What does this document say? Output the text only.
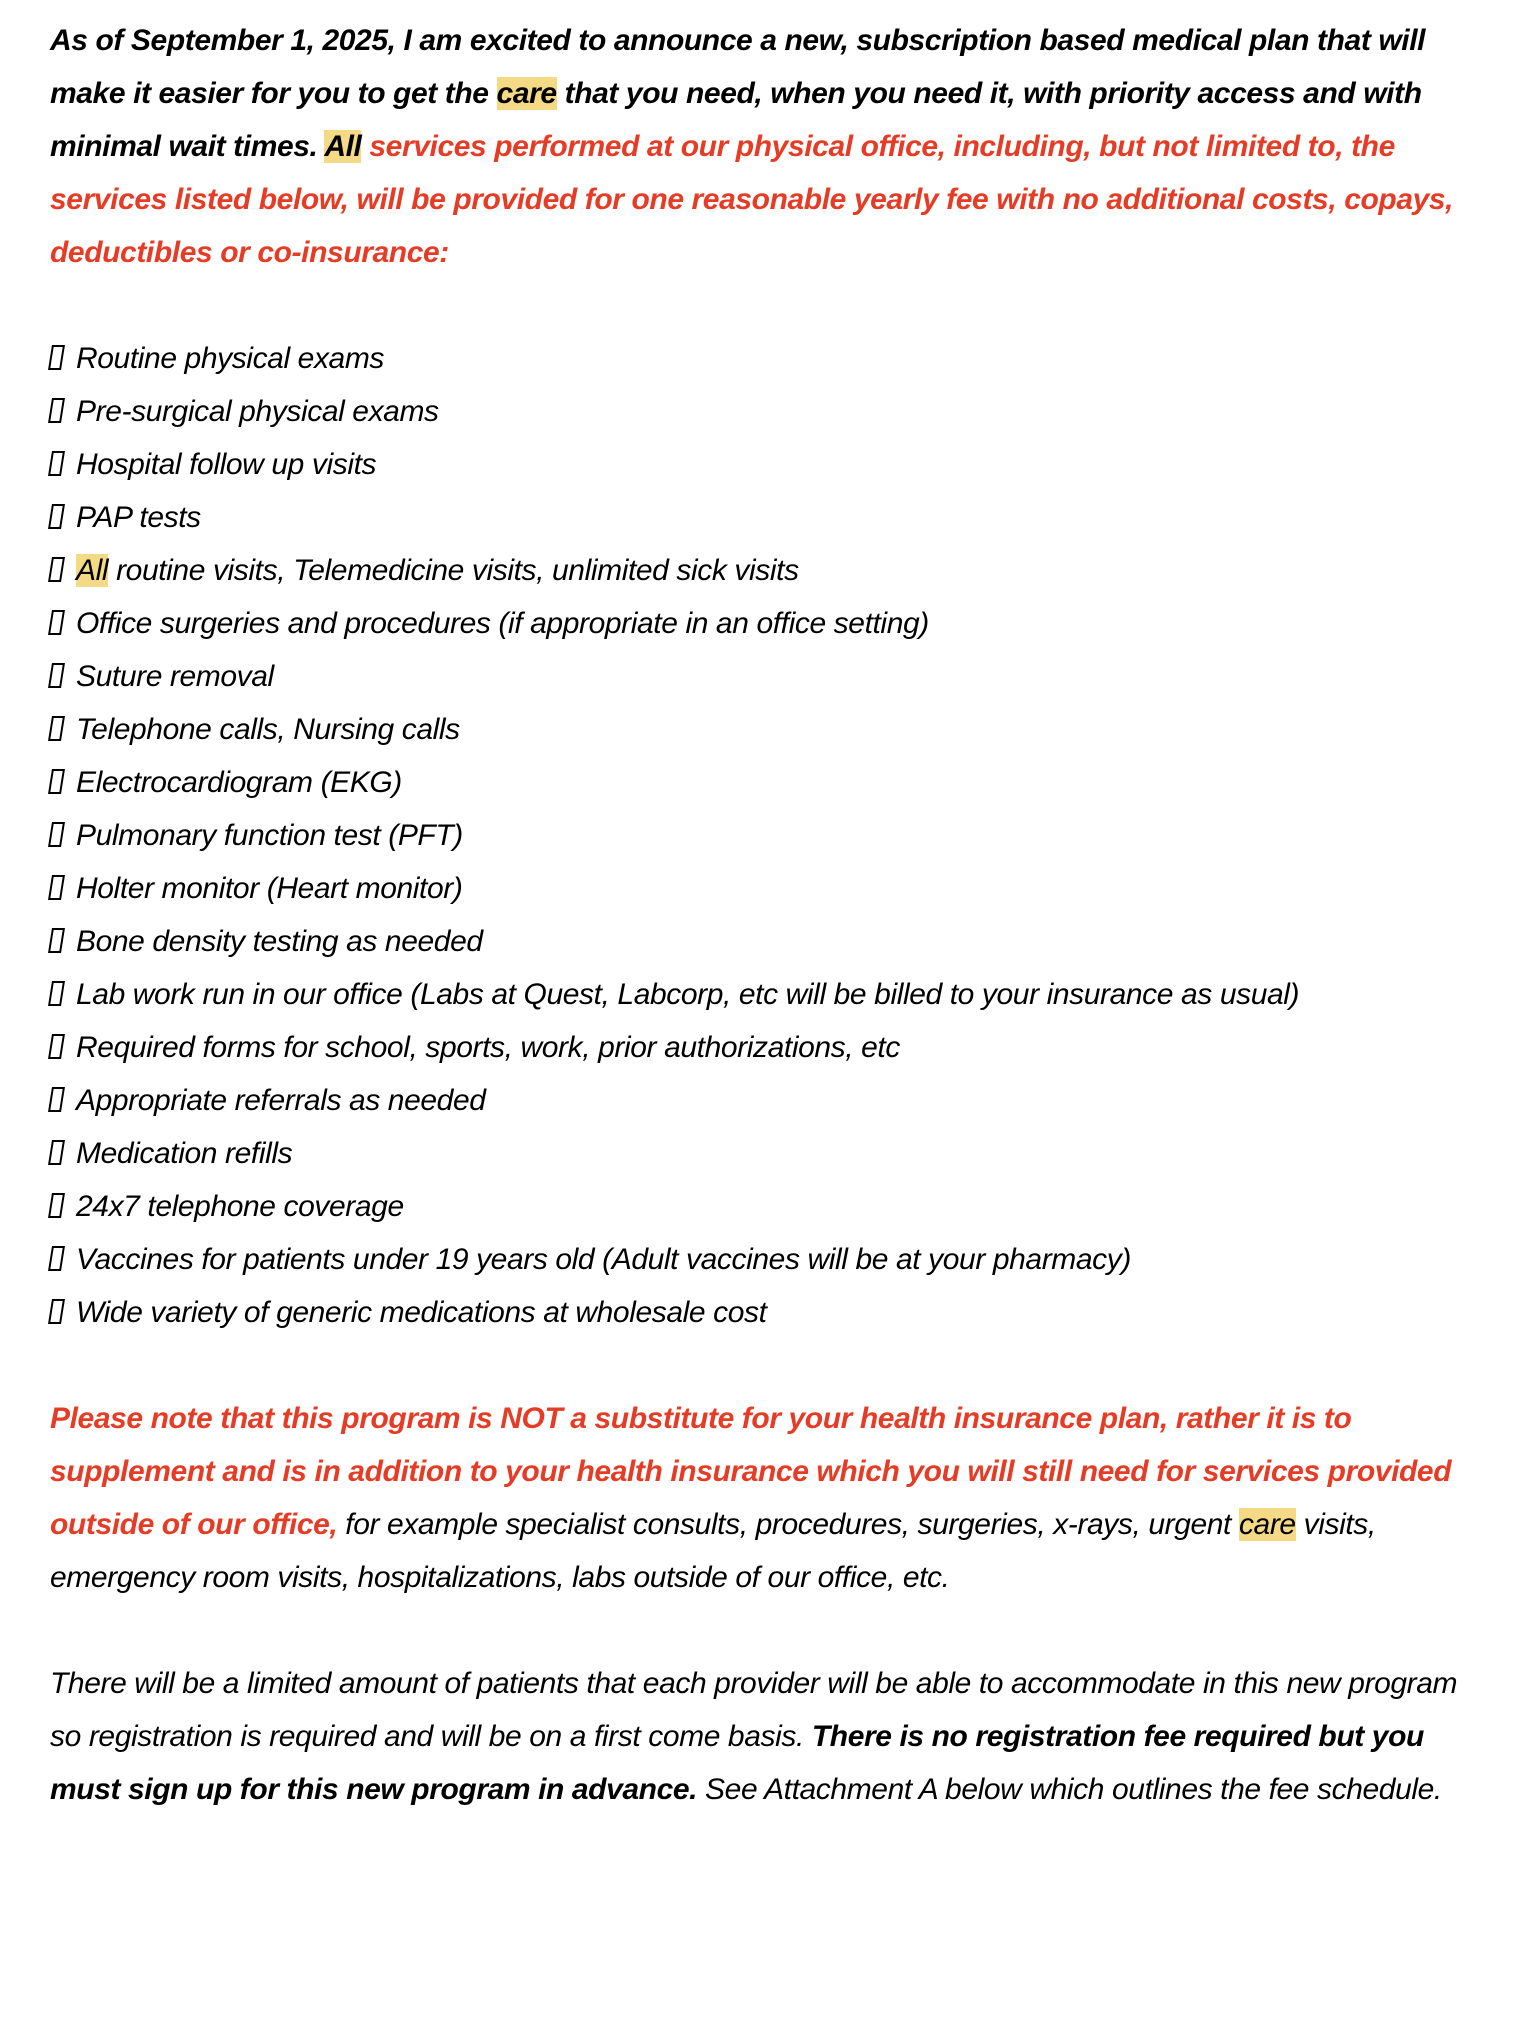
As of September 1, 2025, I am excited to announce a new, subscription based medical plan that will make it easier for you to get the care that you need, when you need it, with priority access and with minimal wait times. All services performed at our physical office, including, but not limited to, the services listed below, will be provided for one reasonable yearly fee with no additional costs, copays, deductibles or co-insurance:

Routine physical exams
Pre-surgical physical exams
Hospital follow up visits
PAP tests
All routine visits, Telemedicine visits, unlimited sick visits
Office surgeries and procedures (if appropriate in an office setting)
Suture removal
Telephone calls, Nursing calls
Electrocardiogram (EKG)
Pulmonary function test (PFT)
Holter monitor (Heart monitor)
Bone density testing as needed
Lab work run in our office (Labs at Quest, Labcorp, etc will be billed to your insurance as usual)
Required forms for school, sports, work, prior authorizations, etc
Appropriate referrals as needed
Medication refills
24x7 telephone coverage
Vaccines for patients under 19 years old (Adult vaccines will be at your pharmacy)
Wide variety of generic medications at wholesale cost

Please note that this program is NOT a substitute for your health insurance plan, rather it is to supplement and is in addition to your health insurance which you will still need for services provided outside of our office, for example specialist consults, procedures, surgeries, x-rays, urgent care visits, emergency room visits, hospitalizations, labs outside of our office, etc.

There will be a limited amount of patients that each provider will be able to accommodate in this new program so registration is required and will be on a first come basis. There is no registration fee required but you must sign up for this new program in advance. See Attachment A below which outlines the fee schedule.
